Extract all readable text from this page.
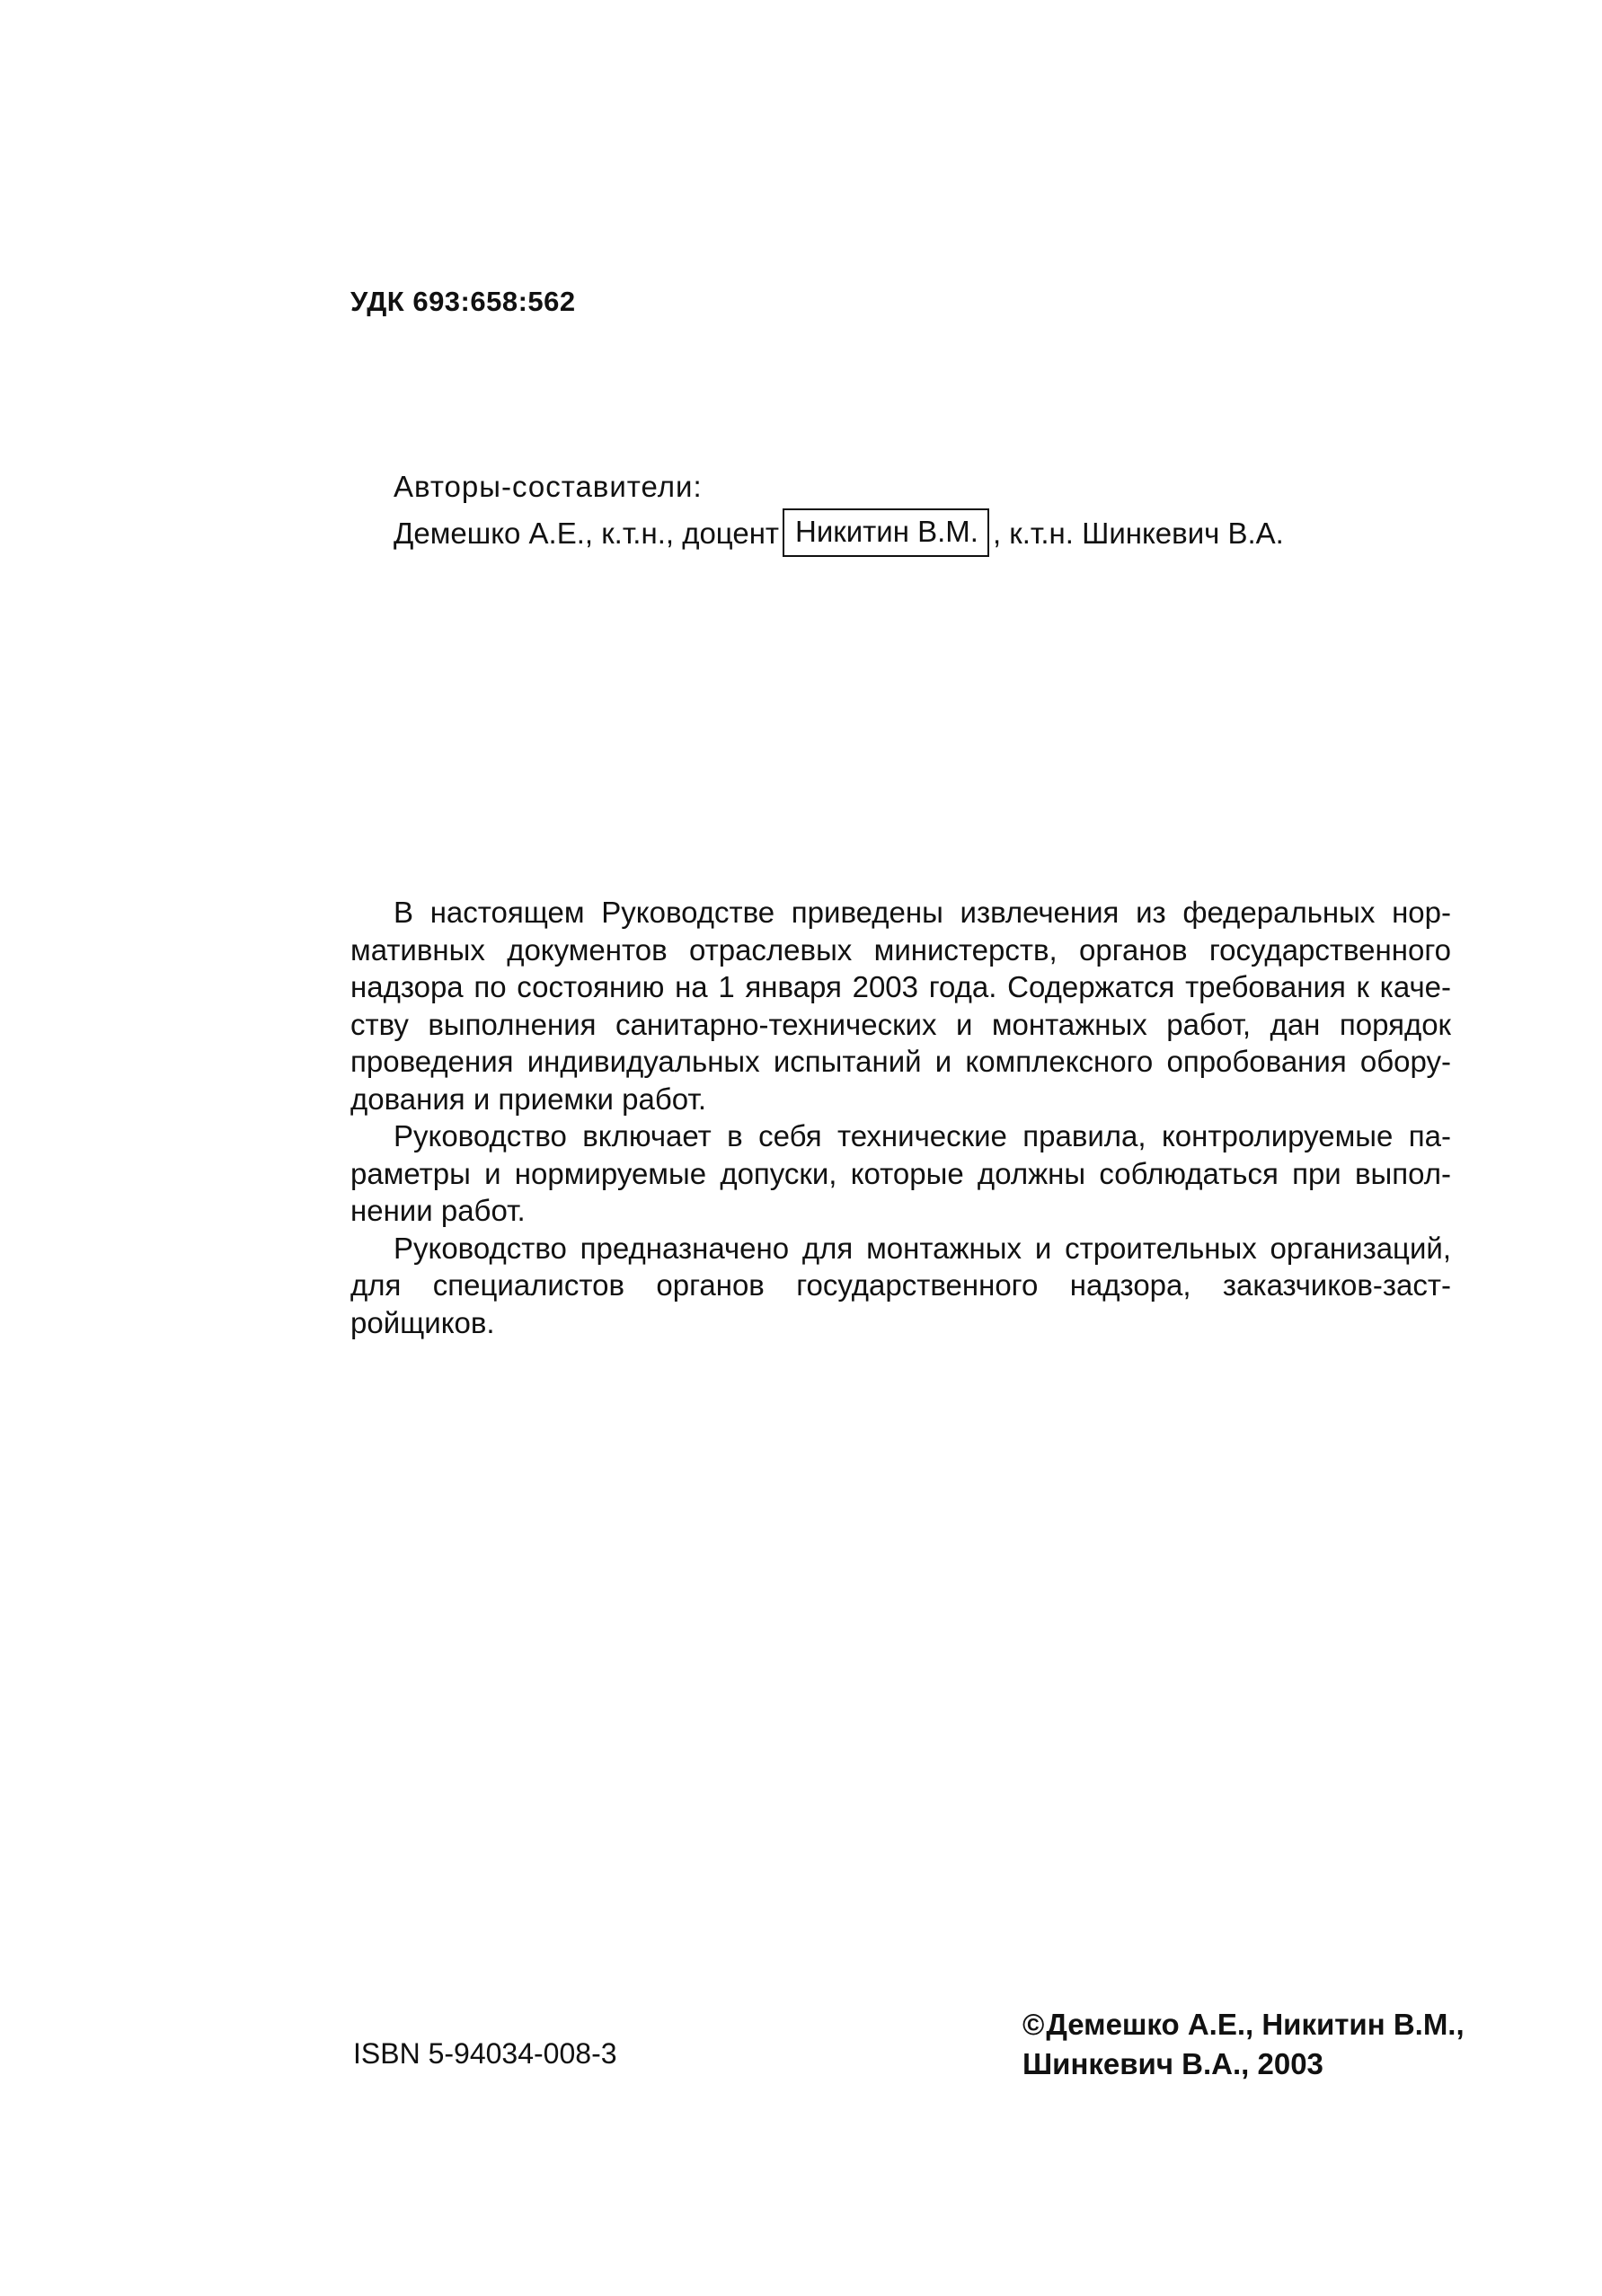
УДК 693:658:562
Авторы-составители:
Демешко А.Е., к.т.н., доцент Никитин В.М. , к.т.н. Шинкевич В.А.

В настоящем Руководстве приведены извлечения из федеральных нормативных документов отраслевых министерств, органов государственного надзора по состоянию на 1 января 2003 года. Содержатся требования к качеству выполнения санитарно-технических и монтажных работ, дан порядок проведения индивидуальных испытаний и комплексного опробования оборудования и приемки работ.

Руководство включает в себя технические правила, контролируемые параметры и нормируемые допуски, которые должны соблюдаться при выполнении работ.

Руководство предназначено для монтажных и строительных организаций, для специалистов органов государственного надзора, заказчиков-застройщиков.

ISBN 5-94034-008-3
©Демешко А.Е., Никитин В.М.,
Шинкевич В.А., 2003
